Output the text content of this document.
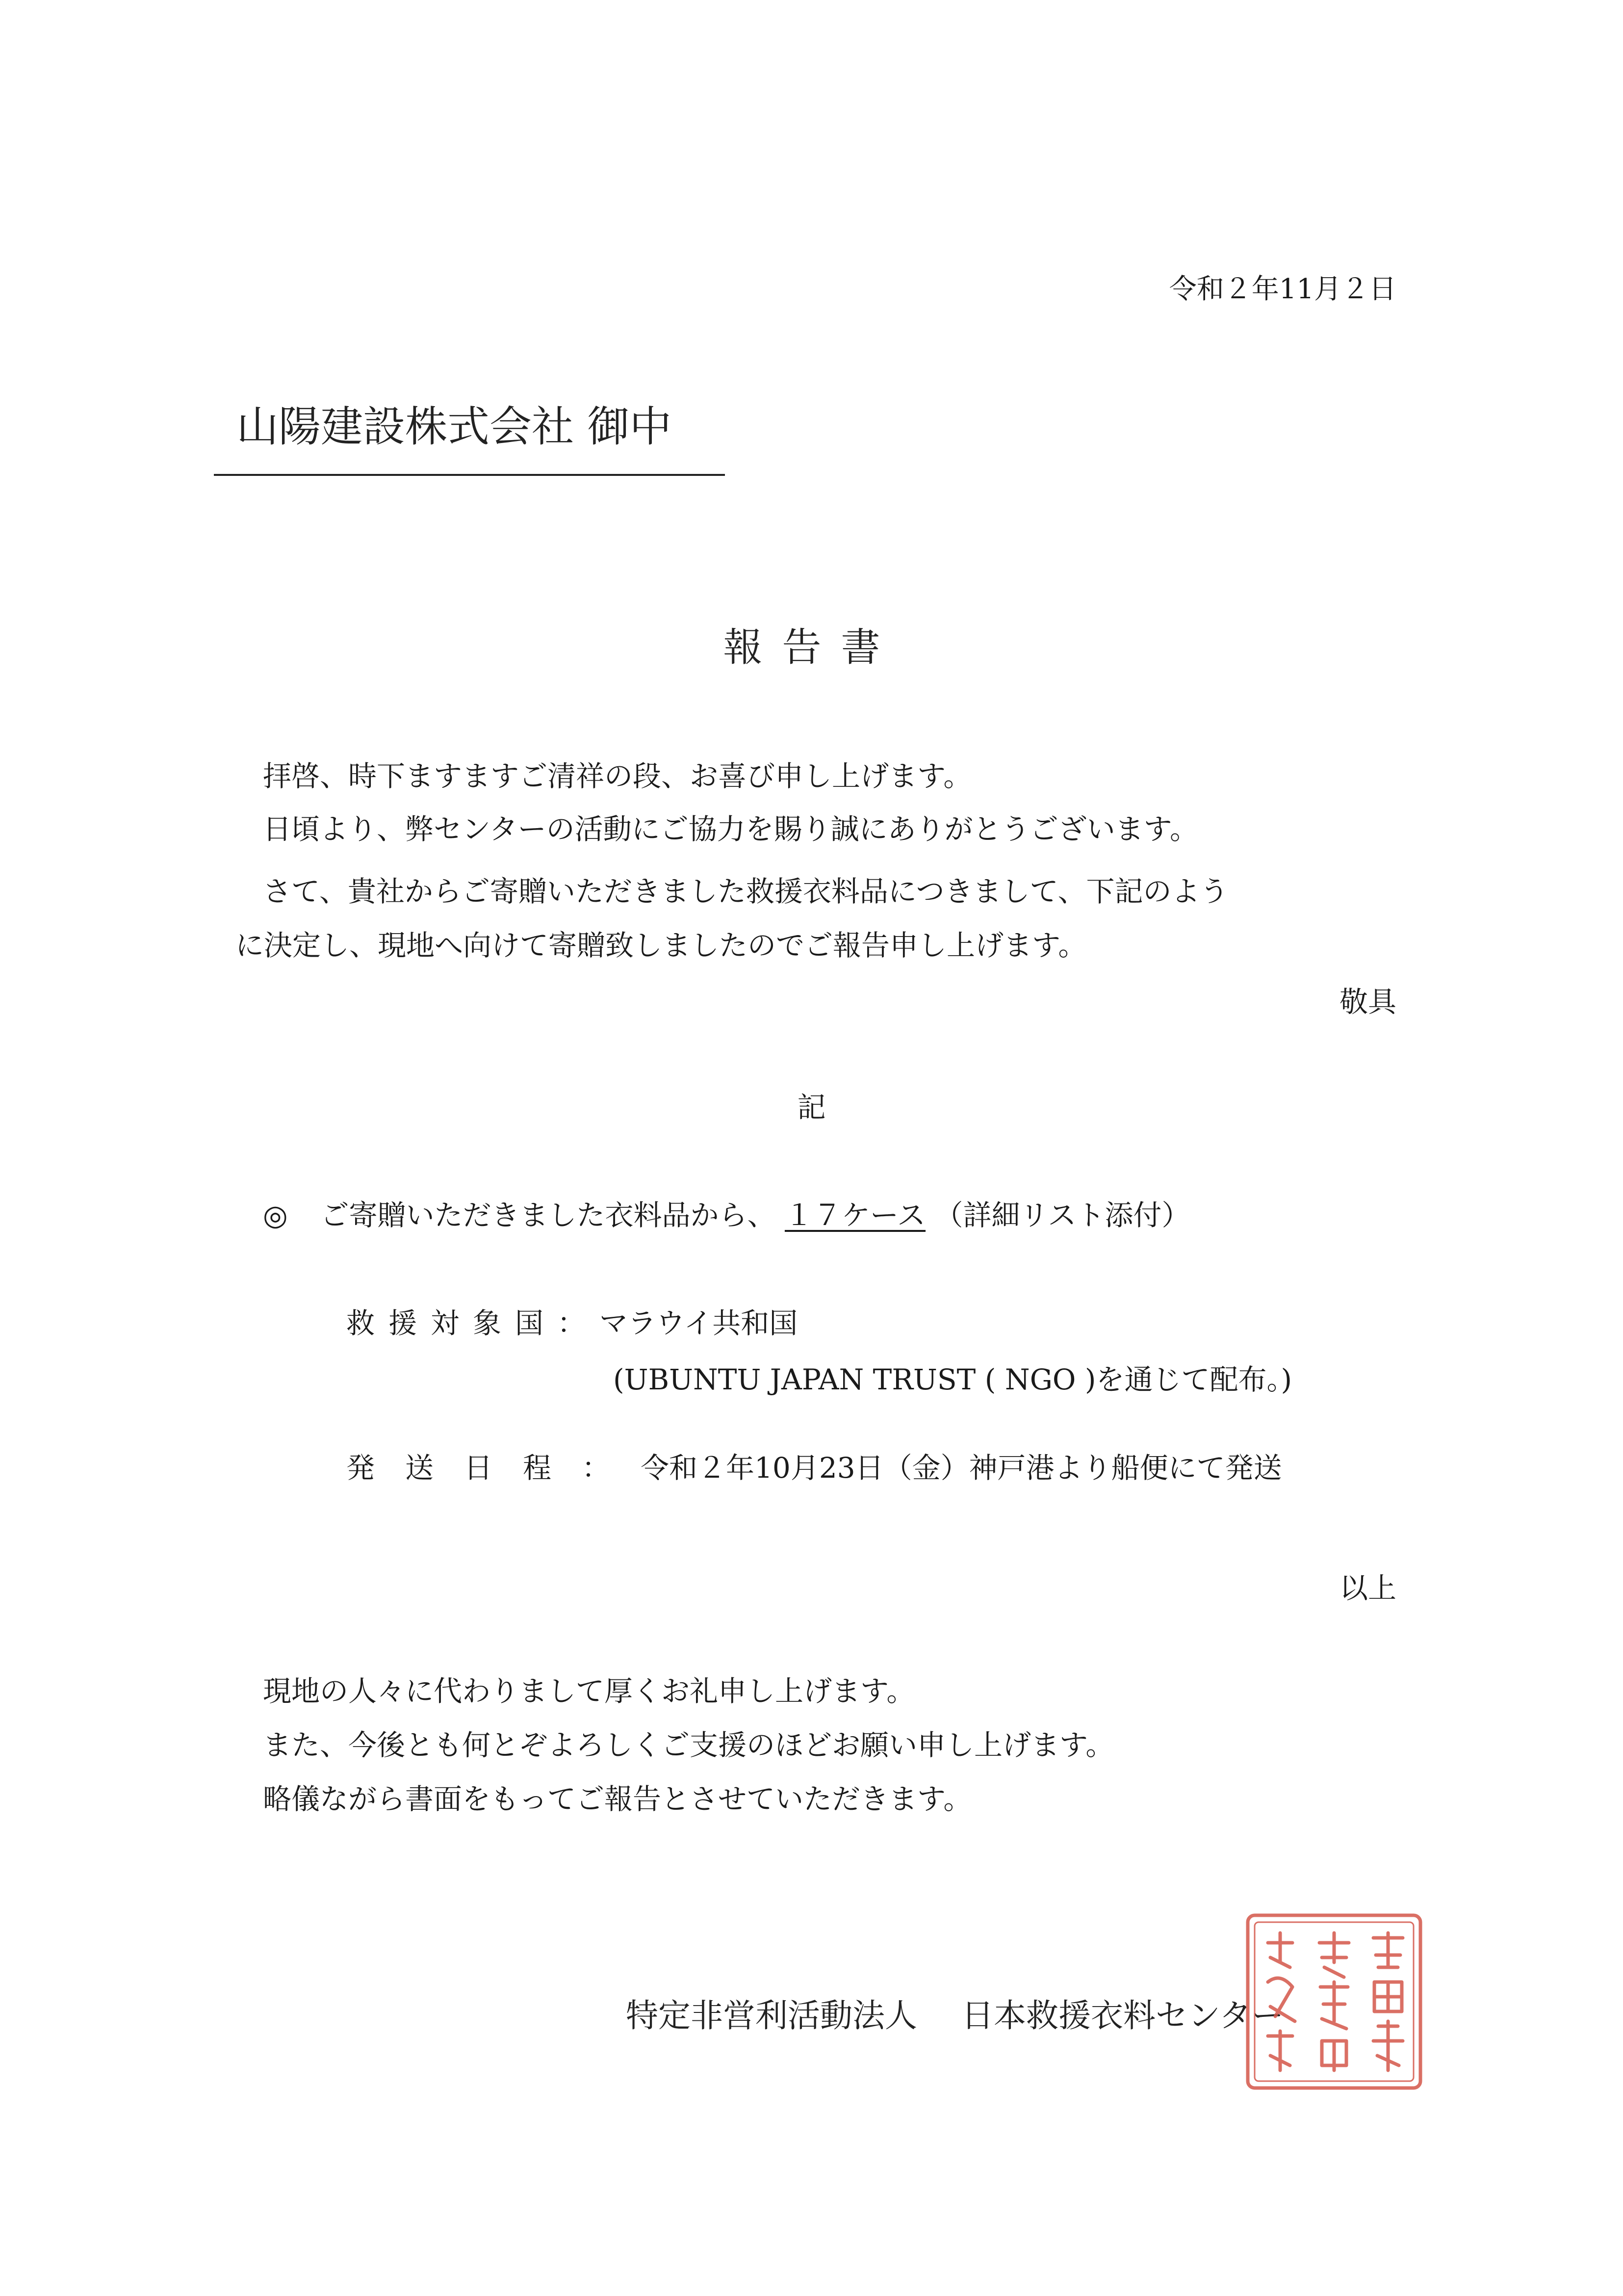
令和２年11月２日
山陽建設株式会社 御中
報告書
拝啓、時下ますますご清祥の段、お喜び申し上げます。
日頃より、弊センターの活動にご協力を賜り誠にありがとうございます。
さて、貴社からご寄贈いただきました救援衣料品につきまして、下記のよう
に決定し、現地へ向けて寄贈致しましたのでご報告申し上げます。
敬具
記
◎ ご寄贈いただきました衣料品から、 １７ケース （詳細リスト添付）
救援対象国：マラウイ共和国
(UBUNTU JAPAN TRUST ( NGO )を通じて配布。)
発送日程：令和２年10月23日（金）神戸港より船便にて発送
以上
現地の人々に代わりまして厚くお礼申し上げます。
また、今後とも何とぞよろしくご支援のほどお願い申し上げます。
略儀ながら書面をもってご報告とさせていただきます。
特定非営利活動法人 日本救援衣料センター
